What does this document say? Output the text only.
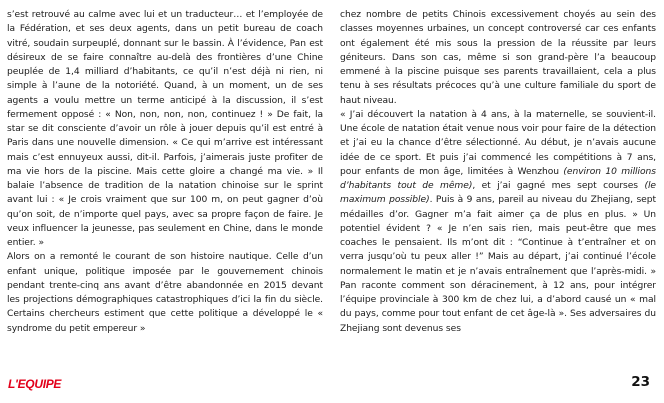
s’est retrouvé au calme avec lui et un traducteur… et l’employée de la Fédération, et ses deux agents, dans un petit bureau de coach vitré, soudain surpeuplé, donnant sur le bassin. À l’évidence, Pan est désireux de se faire connaître au-delà des frontières d’une Chine peuplée de 1,4 milliard d’habitants, ce qu’il n’est déjà ni rien, ni simple à l’aune de la notoriété. Quand, à un moment, un de ses agents a voulu mettre un terme anticipé à la discussion, il s’est fermement opposé : « Non, non, non, non, continuez ! » De fait, la star se dit consciente d’avoir un rôle à jouer depuis qu’il est entré à Paris dans une nouvelle dimension. « Ce qui m’arrive est intéressant mais c’est ennuyeux aussi, dit-il. Parfois, j’aimerais juste profiter de ma vie hors de la piscine. Mais cette gloire a changé ma vie. » Il balaie l’absence de tradition de la natation chinoise sur le sprint avant lui : « Je crois vraiment que sur 100 m, on peut gagner d’où qu’on soit, de n’importe quel pays, avec sa propre façon de faire. Je veux influencer la jeunesse, pas seulement en Chine, dans le monde entier. »

Alors on a remonté le courant de son histoire nautique. Celle d’un enfant unique, politique imposée par le gouvernement chinois pendant trente-cinq ans avant d’être abandonnée en 2015 devant les projections démographiques catastrophiques d’ici la fin du siècle. Certains chercheurs estiment que cette politique a développé le « syndrome du petit empereur »

chez nombre de petits Chinois excessivement choyés au sein des classes moyennes urbaines, un concept controversé car ces enfants ont également été mis sous la pression de la réussite par leurs géniteurs. Dans son cas, même si son grand-père l’a beaucoup emmené à la piscine puisque ses parents travaillaient, cela a plus tenu à ses résultats précoces qu’à une culture familiale du sport de haut niveau.

« J’ai découvert la natation à 4 ans, à la maternelle, se souvient-il. Une école de natation était venue nous voir pour faire de la détection et j’ai eu la chance d’être sélectionné. Au début, je n’avais aucune idée de ce sport. Et puis j’ai commencé les compétitions à 7 ans, pour enfants de mon âge, limitées à Wenzhou (environ 10 millions d’habitants tout de même), et j’ai gagné mes sept courses (le maximum possible). Puis à 9 ans, pareil au niveau du Zhejiang, sept médailles d’or. Gagner m’a fait aimer ça de plus en plus. » Un potentiel évident ? « Je n’en sais rien, mais peut-être que mes coaches le pensaient. Ils m’ont dit : “Continue à t’entraîner et on verra jusqu’où tu peux aller !” Mais au départ, j’ai continué l’école normalement le matin et je n’avais entraînement que l’après-midi. » Pan raconte comment son déracinement, à 12 ans, pour intégrer l’équipe provinciale à 300 km de chez lui, a d’abord causé un « mal du pays, comme pour tout enfant de cet âge-là ». Ses adversaires du Zhejiang sont devenus ses

L'EQUIPE	23
